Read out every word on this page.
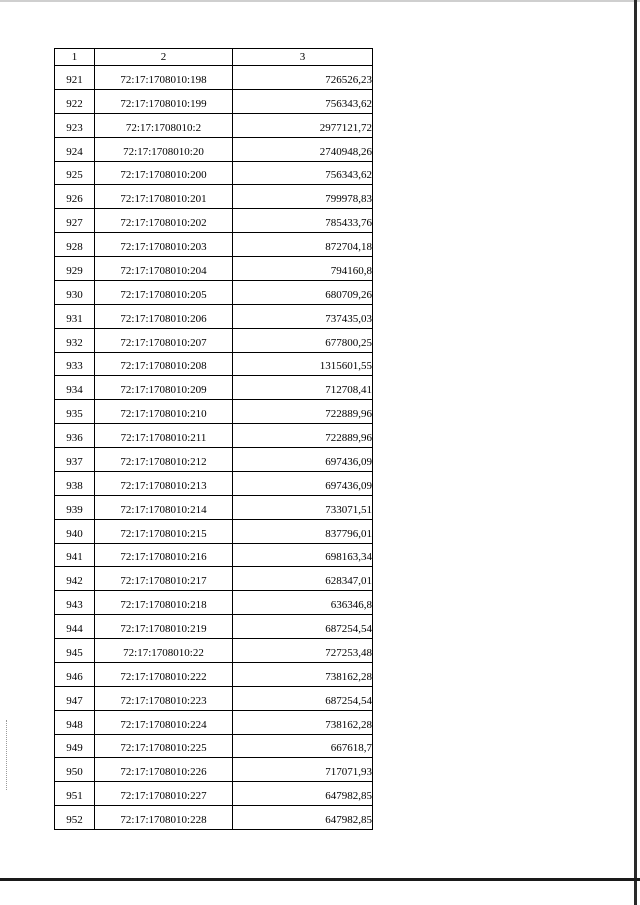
1	2	3
921	72:17:1708010:198	726526,23
922	72:17:1708010:199	756343,62
923	72:17:1708010:2	2977121,72
924	72:17:1708010:20	2740948,26
925	72:17:1708010:200	756343,62
926	72:17:1708010:201	799978,83
927	72:17:1708010:202	785433,76
928	72:17:1708010:203	872704,18
929	72:17:1708010:204	794160,8
930	72:17:1708010:205	680709,26
931	72:17:1708010:206	737435,03
932	72:17:1708010:207	677800,25
933	72:17:1708010:208	1315601,55
934	72:17:1708010:209	712708,41
935	72:17:1708010:210	722889,96
936	72:17:1708010:211	722889,96
937	72:17:1708010:212	697436,09
938	72:17:1708010:213	697436,09
939	72:17:1708010:214	733071,51
940	72:17:1708010:215	837796,01
941	72:17:1708010:216	698163,34
942	72:17:1708010:217	628347,01
943	72:17:1708010:218	636346,8
944	72:17:1708010:219	687254,54
945	72:17:1708010:22	727253,48
946	72:17:1708010:222	738162,28
947	72:17:1708010:223	687254,54
948	72:17:1708010:224	738162,28
949	72:17:1708010:225	667618,7
950	72:17:1708010:226	717071,93
951	72:17:1708010:227	647982,85
952	72:17:1708010:228	647982,85
